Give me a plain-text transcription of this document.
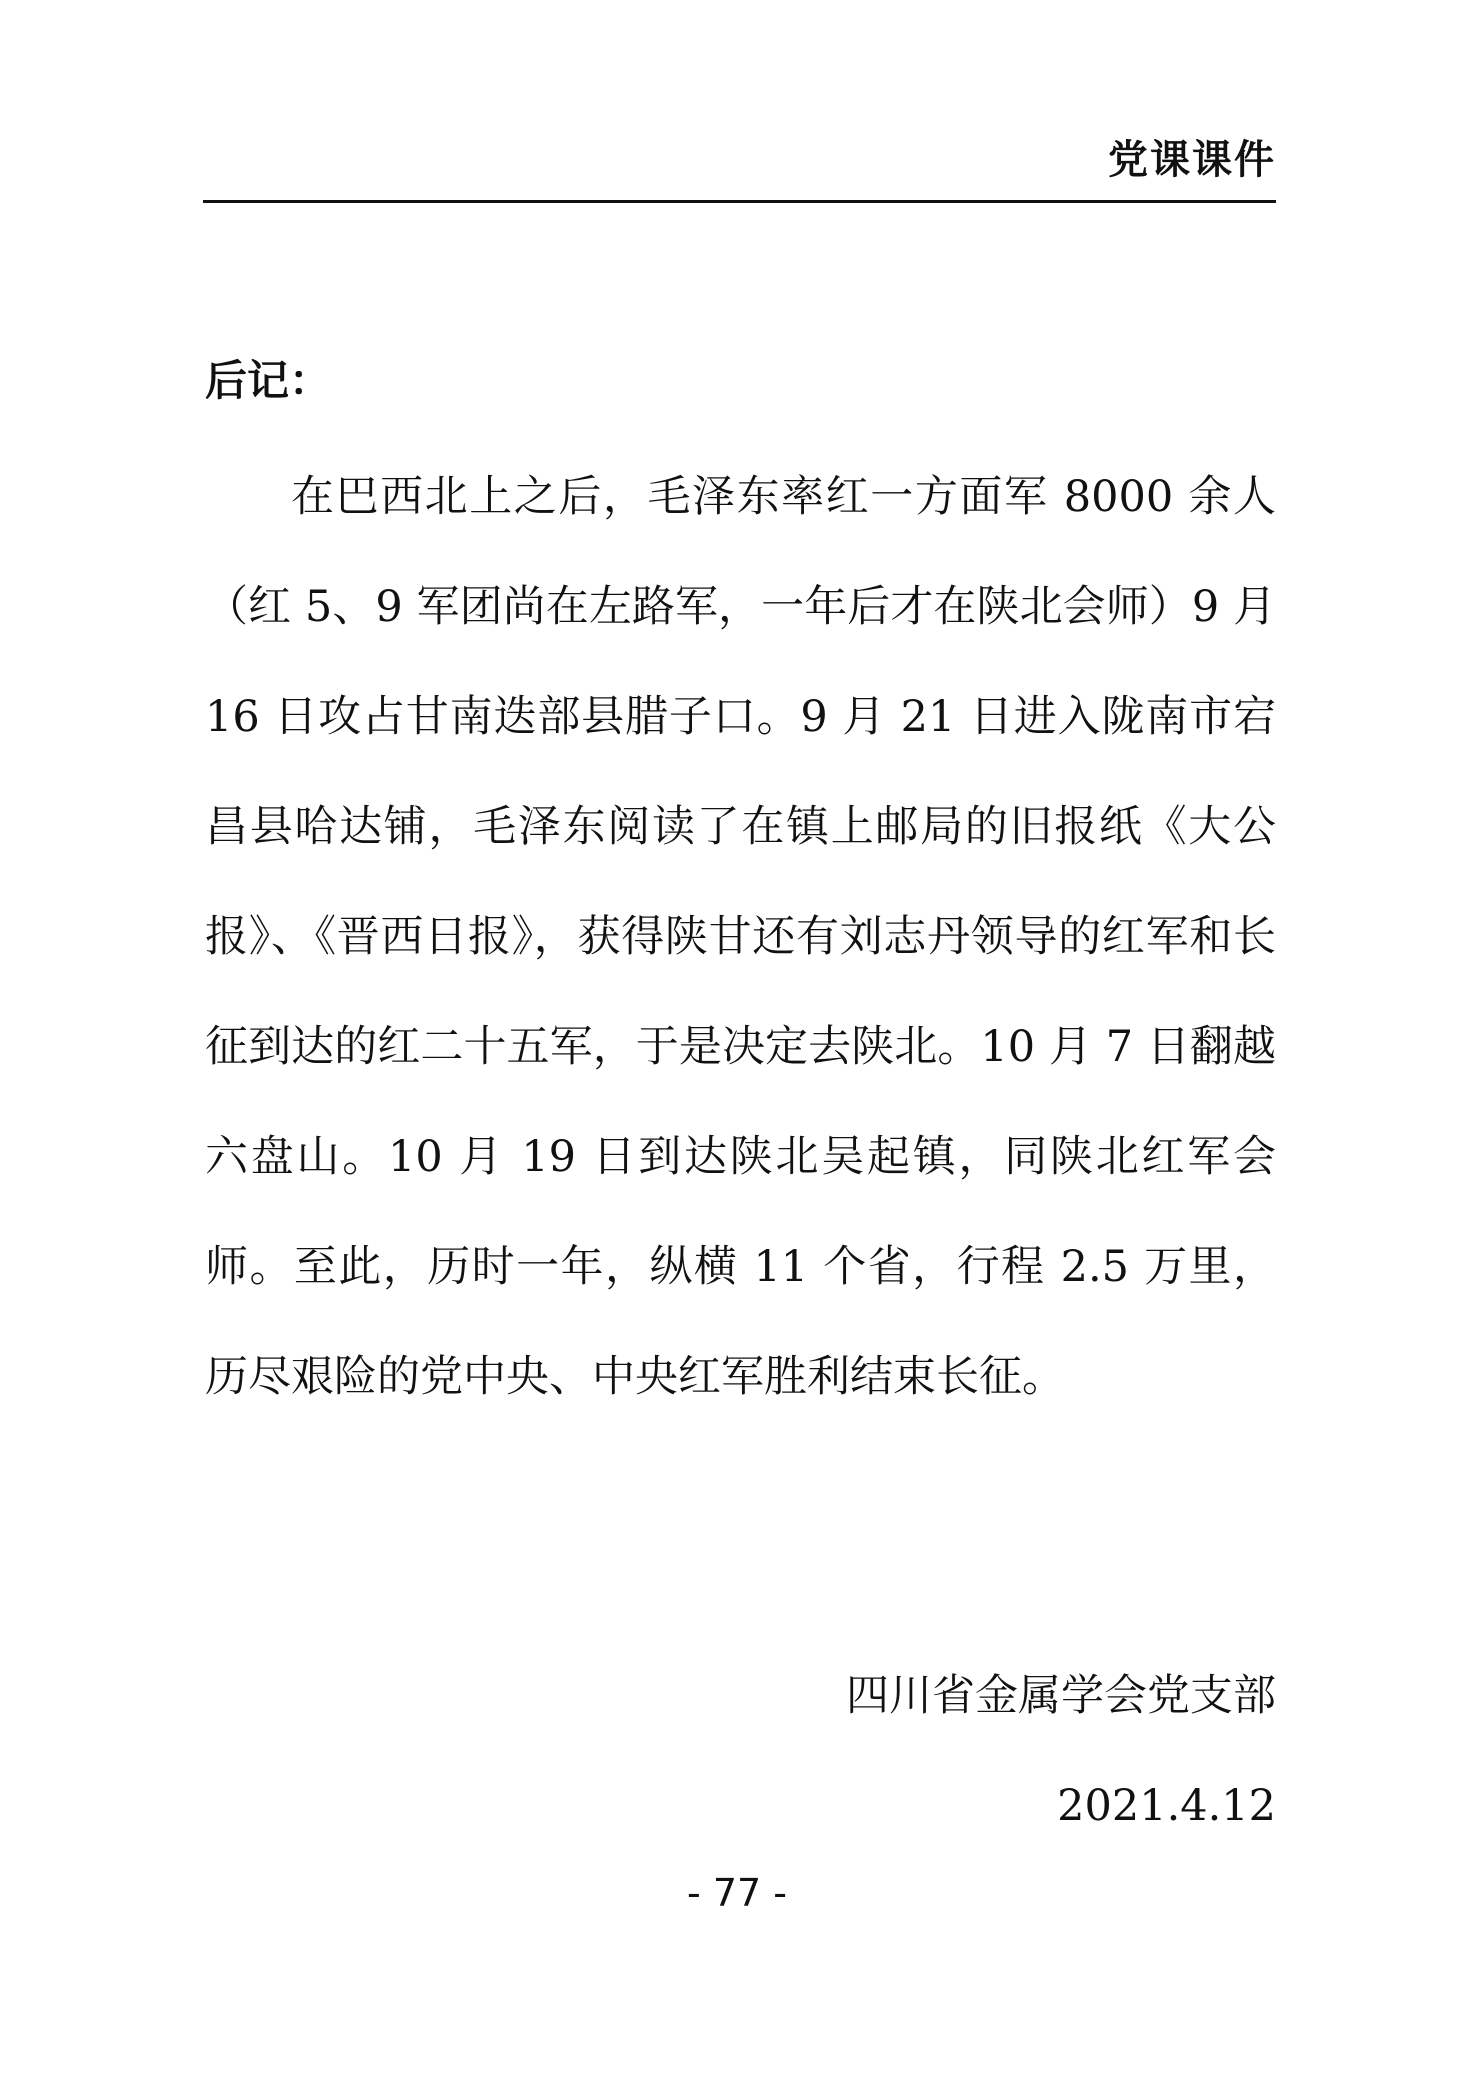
党课课件
后记：

在巴西北上之后，毛泽东率红一方面军 8000 余人（红 5、9 军团尚在左路军，一年后才在陕北会师）9 月 16 日攻占甘南迭部县腊子口。9 月 21 日进入陇南市宕昌县哈达铺，毛泽东阅读了在镇上邮局的旧报纸《大公报》、《晋西日报》，获得陕甘还有刘志丹领导的红军和长征到达的红二十五军，于是决定去陕北。10 月 7 日翻越六盘山。10 月 19 日到达陕北吴起镇，同陕北红军会师。至此，历时一年，纵横 11 个省，行程 2.5 万里，历尽艰险的党中央、中央红军胜利结束长征。

四川省金属学会党支部
2021.4.12
- 77 -
